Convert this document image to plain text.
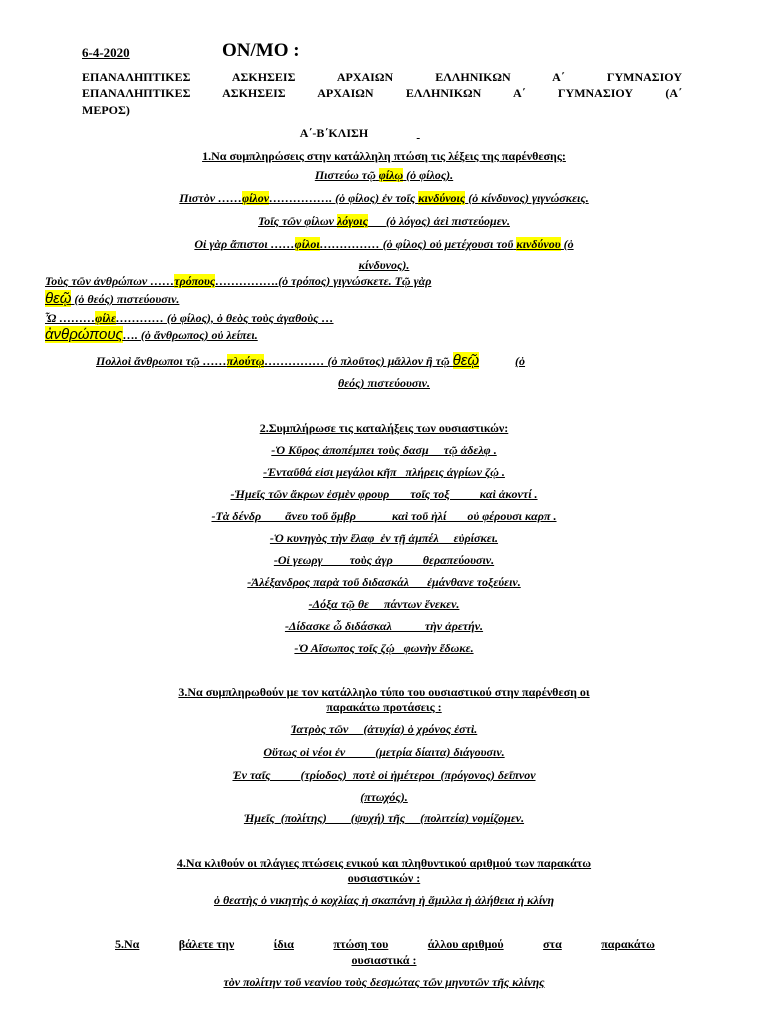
6-4-2020	ΟΝ/ΜΟ :
ΕΠΑΝΑΛΗΠΤΙΚΕΣ ΑΣΚΗΣΕΙΣ ΑΡΧΑΙΩΝ ΕΛΛΗΝΙΚΩΝ Α΄ ΓΥΜΝΑΣΙΟΥ
ΕΠΑΝΑΛΗΠΤΙΚΕΣ ΑΣΚΗΣΕΙΣ ΑΡΧΑΙΩΝ ΕΛΛΗΝΙΚΩΝ Α΄ ΓΥΜΝΑΣΙΟΥ (Α΄
ΜΕΡΟΣ)
Α΄-Β΄ΚΛΙΣΗ
1.Να συμπληρώσεις στην κατάλληλη πτώση τις λέξεις της παρένθεσης:
Πιστεύω τῷ φίλῳ (ὁ φίλος).
Πιστὸν ……φίλον……………. (ὁ φίλος) ἐν τοῖς κινδύνοις (ὁ κίνδυνος) γιγνώσκεις.
Τοῖς τῶν φίλων λόγοις (ὁ λόγος) ἀεὶ πιστεύομεν.
Οἱ γὰρ ἄπιστοι ……φίλοι…………… (ὁ φίλος) οὐ μετέχουσι τοῦ κινδύνου (ὁ
κίνδυνος).
Τοὺς τῶν ἀνθρώπων ……τρόπους…………….(ὁ τρόπος) γιγνώσκετε. Τῷ γὰρ
θεῷ (ὁ θεός) πιστεύουσιν.
Ὦ ………φίλε………… (ὁ φίλος), ὁ θεὸς τοὺς ἀγαθοὺς …
ἀνθρώπους…. (ὁ ἄνθρωπος) οὐ λείπει.
Πολλοὶ ἄνθρωποι τῷ ……πλούτῳ…………… (ὁ πλοῦτος) μᾶλλον ἢ τῷ θεῷ	(ὁ
θεός) πιστεύουσιν.
2.Συμπλήρωσε τις καταλήξεις των ουσιαστικών:
-Ὁ Κῦρος ἀποπέμπει τοὺς δασμ     τῷ ἀδελφ .
-Ἐνταῦθά εἰσι μεγάλοι κῆπ   πλήρεις ἀγρίων ζῴ .
-Ἡμεῖς τῶν ἄκρων ἐσμὲν φρουρ       τοῖς τοξ          καὶ ἀκοντί .
-Τὰ δένδρ        ἄνευ τοῦ ὄμβρ            καὶ τοῦ ἡλί       οὐ φέρουσι καρπ .
-Ὁ κυνηγὸς τὴν ἔλαφ  ἐν τῇ ἀμπέλ     εὑρίσκει.
-Οἱ γεωργ         τοὺς ἀγρ          θεραπεύουσιν.
-Ἀλέξανδρος παρὰ τοῦ διδασκάλ      ἐμάνθανε τοξεύειν.
-Δόξα τῷ θε     πάντων ἕνεκεν.
-Δίδασκε ὦ διδάσκαλ           τὴν ἀρετήν.
-Ὁ Αἴσωπος τοῖς ζῴ   φωνὴν ἔδωκε.
3.Να συμπληρωθούν με τον κατάλληλο τύπο του ουσιαστικού στην παρένθεση οι
παρακάτω προτάσεις :
Ἰατρὸς τῶν     (ἀτυχία) ὁ χρόνος ἐστὶ.
Οὕτως οἱ νέοι ἐν          (μετρία δίαιτα) διάγουσιν.
Ἐν ταῖς          (τρίοδος)  ποτὲ οἱ ἡμέτεροι  (πρόγονος) δεῖπνον
(πτωχός).
Ἡμεῖς  (πολίτης)        (ψυχή) τῆς     (πολιτεία) νομίζομεν.
4.Να κλιθούν οι πλάγιες πτώσεις ενικού και πληθυντικού αριθμού των παρακάτω
ουσιαστικών :
ὁ θεατὴς ὁ νικητὴς ὁ κοχλίας ἡ σκαπάνη ἡ ἅμιλλα ἡ ἀλήθεια ἡ κλίνη
5.Να	βάλετε την	ίδια	πτώση του	άλλου αριθμού	στα	παρακάτω
ουσιαστικά :
τὸν πολίτην τοῦ νεανίου τοὺς δεσμώτας τῶν μηνυτῶν τῆς κλίνης
